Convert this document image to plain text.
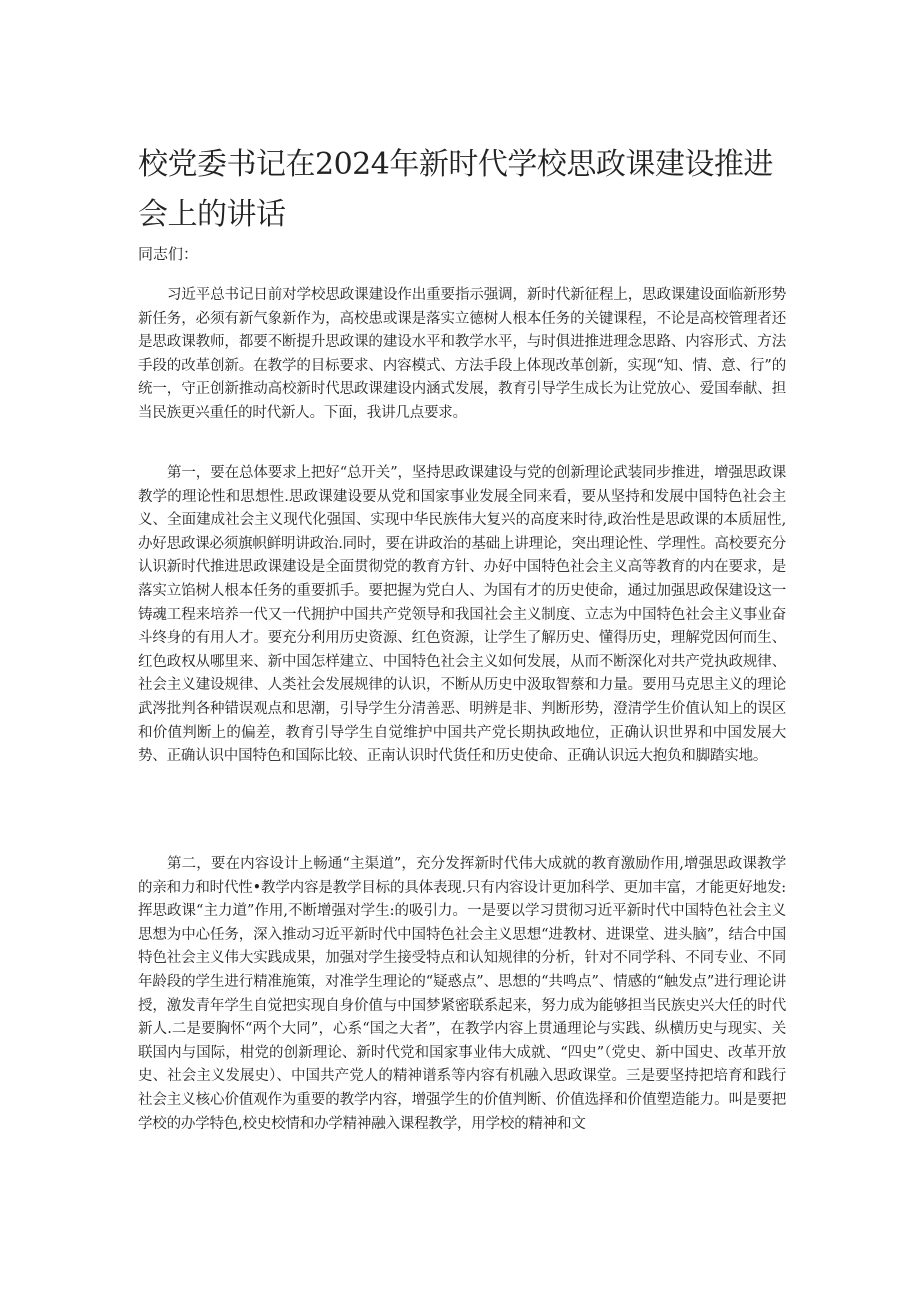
校党委书记在2024年新时代学校思政课建设推进会上的讲话

同志们：

习近平总书记日前对学校思政课建设作出重要指示强调，新时代新征程上，思政课建设面临新形势新任务，必须有新气象新作为，高校患或课是落实立德树人根本任务的关键课程，不论是高校管理者还是思政课教师，都要不断提升思政课的建设水平和教学水平，与时俱进推进理念思路、内容形式、方法手段的改革创新。在教学的目标要求、内容模式、方法手段上体现改革创新，实现“知、情、意、行”的统一，守正创新推动高校新时代思政课建设内涵式发展，教育引导学生成长为让党放心、爱国奉献、担当民族更兴重任的时代新人。下面，我讲几点要求。

第一，要在总体要求上把好“总开关”，坚持思政课建设与党的创新理论武装同步推进，增强思政课教学的理论性和思想性.思政课建设要从党和国家事业发展全同来看，要从坚持和发展中国特色社会主义、全面建成社会主义现代化强国、实现中华民族伟大复兴的高度来时待,政治性是思政课的本质屈性,办好思政课必须旗帜鲜明讲政治.同时，要在讲政治的基础上讲理论，突出理论性、学理性。高校要充分认识新时代推进思政课建设是全面贯彻党的教育方针、办好中国特色社会主义高等教育的内在要求，是落实立馅树人根本任务的重要抓手。要把握为党白人、为国有才的历史使命，通过加强思政保建设这一铸魂工程来培养一代又一代拥护中国共产党领导和我国社会主义制度、立志为中国特色社会主义事业奋斗终身的有用人才。要充分利用历史资源、红色资源，让学生了解历史、懂得历史，理解党因何而生、红色政权从哪里来、新中国怎样建立、中国特色社会主义如何发展，从而不断深化对共产党执政规律、社会主义建设规律、人类社会发展规律的认识，不断从历史中汲取智蔡和力量。要用马克思主义的理论武涔批判各种错误观点和思潮，引导学生分清善恶、明辨是非、判断形势，澄清学生价值认知上的误区和价值判断上的偏差，教育引导学生自觉维护中国共产党长期执政地位，正确认识世界和中国发展大势、正确认识中国特色和国际比较、正南认识时代货任和历史使命、正确认识远大抱负和脚踏实地。

第二，要在内容设计上畅通“主渠道”，充分发挥新时代伟大成就的教育激励作用,增强思政课教学的亲和力和时代性•教学内容是教学目标的具体表现.只有内容设计更加科学、更加丰富，才能更好地发:挥思政课“主力道”作用,不断增强对学生:的吸引力。一是要以学习贯彻习近平新时代中国特色社会主义思想为中心任务，深入推动习近平新时代中国特色社会主义思想“进教材、进课堂、进头脑”，结合中国特色社会主义伟大实践成果，加强对学生接受特点和认知规律的分析，针对不同学科、不同专业、不同年龄段的学生进行精准施策，对准学生理论的“疑惑点”、思想的“共鸣点”、情感的“触发点”进行理论讲授，激发青年学生自觉把实现自身价值与中国梦紧密联系起来，努力成为能够担当民族史兴大任的时代新人.二是要胸怀“两个大同”，心系“国之大者”，在教学内容上贯通理论与实践、纵横历史与现实、关联国内与国际，柑党的创新理论、新时代党和国家事业伟大成就、“四史”（党史、新中国史、改革开放史、社会主义发展史）、中国共产党人的精神谱系等内容有机融入思政课堂。三是要坚持把培育和践行社会主义核心价值观作为重要的教学内容，增强学生的价值判断、价值选择和价值塑造能力。叫是要把学校的办学特色,校史校情和办学精神融入课程教学，用学校的精神和文
